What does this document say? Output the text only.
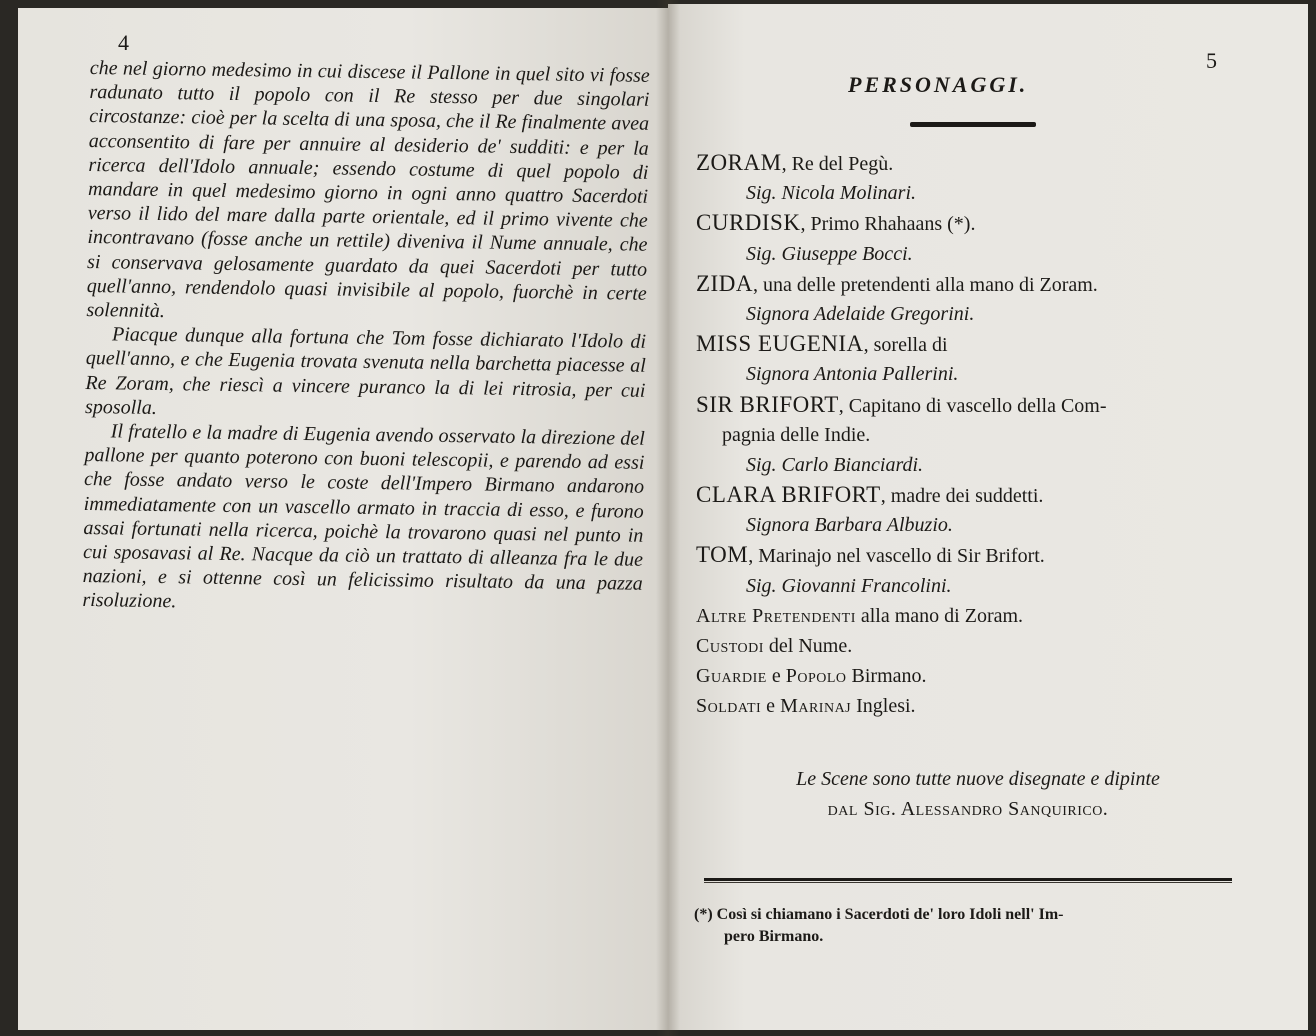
4

che nel giorno medesimo in cui discese il Pallone in quel sito vi fosse radunato tutto il popolo con il Re stesso per due singolari circostanze: cioè per la scelta di una sposa, che il Re finalmente avea acconsentito di fare per annuire al desiderio de' sudditi: e per la ricerca dell'Idolo annuale; essendo costume di quel popolo di mandare in quel medesimo giorno in ogni anno quattro Sacerdoti verso il lido del mare dalla parte orientale, ed il primo vivente che incontravano (fosse anche un rettile) diveniva il Nume annuale, che si conservava gelosamente guardato da quei Sacerdoti per tutto quell'anno, rendendolo quasi invisibile al popolo, fuorchè in certe solennità.

Piacque dunque alla fortuna che Tom fosse dichiarato l'Idolo di quell'anno, e che Eugenia trovata svenuta nella barchetta piacesse al Re Zoram, che riescì a vincere puranco la di lei ritrosia, per cui sposolla.

Il fratello e la madre di Eugenia avendo osservato la direzione del pallone per quanto poterono con buoni telescopii, e parendo ad essi che fosse andato verso le coste dell'Impero Birmano andarono immediatamente con un vascello armato in traccia di esso, e furono assai fortunati nella ricerca, poichè la trovarono quasi nel punto in cui sposavasi al Re. Nacque da ciò un trattato di alleanza fra le due nazioni, e si ottenne così un felicissimo risultato da una pazza risoluzione.

5
PERSONAGGI.
ZORAM, Re del Pegù.
Sig. Nicola Molinari.
CURDISK, Primo Rhahaans (*).
Sig. Giuseppe Bocci.
ZIDA, una delle pretendenti alla mano di Zoram.
Signora Adelaide Gregorini.
MISS EUGENIA, sorella di
Signora Antonia Pallerini.
SIR BRIFORT, Capitano di vascello della Com-
pagnia delle Indie.
Sig. Carlo Bianciardi.
CLARA BRIFORT, madre dei suddetti.
Signora Barbara Albuzio.
TOM, Marinajo nel vascello di Sir Brifort.
Sig. Giovanni Francolini.
Altre Pretendenti alla mano di Zoram.
Custodi del Nume.
Guardie e Popolo Birmano.
Soldati e Marinaj Inglesi.
Le Scene sono tutte nuove disegnate e dipinte
dal Sig. Alessandro Sanquirico.
(*) Così si chiamano i Sacerdoti de' loro Idoli nell' Im-
pero Birmano.
